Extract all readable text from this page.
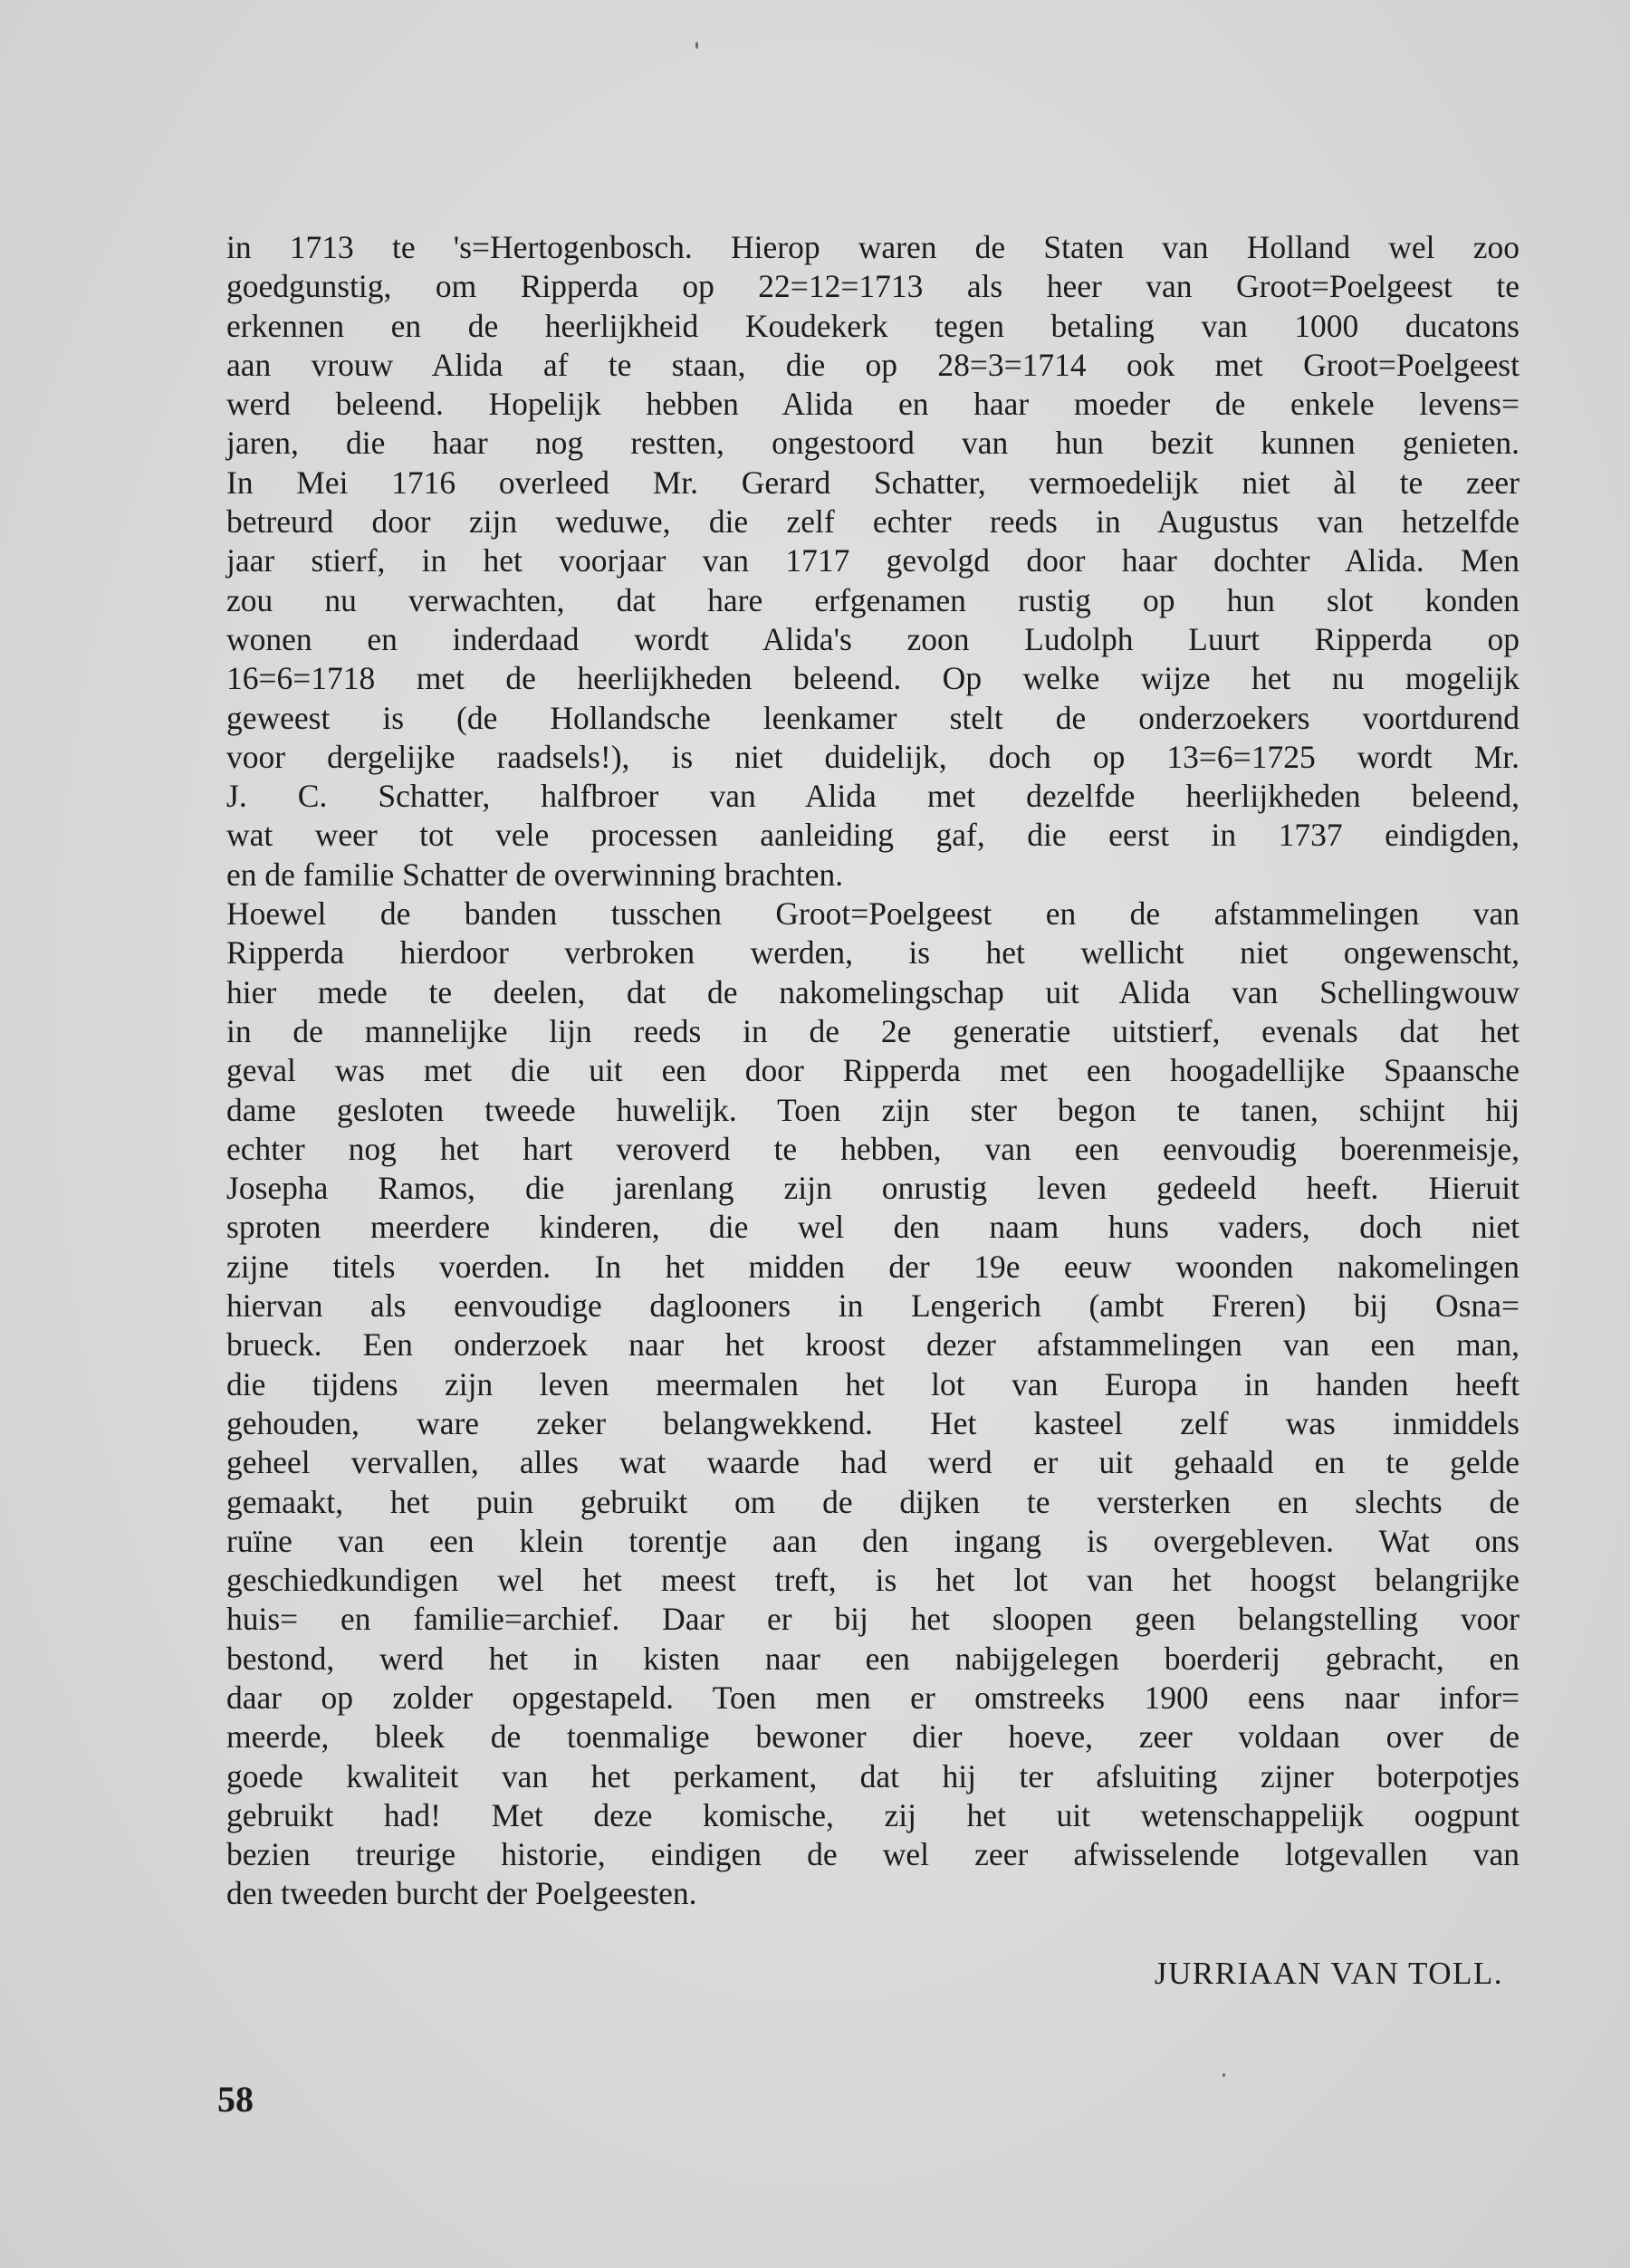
in 1713 te 's=Hertogenbosch. Hierop waren de Staten van Holland wel zoo
goedgunstig, om Ripperda op 22=12=1713 als heer van Groot=Poelgeest te
erkennen en de heerlijkheid Koudekerk tegen betaling van 1000 ducatons
aan vrouw Alida af te staan, die op 28=3=1714 ook met Groot=Poelgeest
werd beleend. Hopelijk hebben Alida en haar moeder de enkele levens=
jaren, die haar nog restten, ongestoord van hun bezit kunnen genieten.
In Mei 1716 overleed Mr. Gerard Schatter, vermoedelijk niet àl te zeer
betreurd door zijn weduwe, die zelf echter reeds in Augustus van hetzelfde
jaar stierf, in het voorjaar van 1717 gevolgd door haar dochter Alida. Men
zou nu verwachten, dat hare erfgenamen rustig op hun slot konden
wonen en inderdaad wordt Alida's zoon Ludolph Luurt Ripperda op
16=6=1718 met de heerlijkheden beleend. Op welke wijze het nu mogelijk
geweest is (de Hollandsche leenkamer stelt de onderzoekers voortdurend
voor dergelijke raadsels!), is niet duidelijk, doch op 13=6=1725 wordt Mr.
J. C. Schatter, halfbroer van Alida met dezelfde heerlijkheden beleend,
wat weer tot vele processen aanleiding gaf, die eerst in 1737 eindigden,
en de familie Schatter de overwinning brachten.
Hoewel de banden tusschen Groot=Poelgeest en de afstammelingen van
Ripperda hierdoor verbroken werden, is het wellicht niet ongewenscht,
hier mede te deelen, dat de nakomelingschap uit Alida van Schellingwouw
in de mannelijke lijn reeds in de 2e generatie uitstierf, evenals dat het
geval was met die uit een door Ripperda met een hoogadellijke Spaansche
dame gesloten tweede huwelijk. Toen zijn ster begon te tanen, schijnt hij
echter nog het hart veroverd te hebben, van een eenvoudig boerenmeisje,
Josepha Ramos, die jarenlang zijn onrustig leven gedeeld heeft. Hieruit
sproten meerdere kinderen, die wel den naam huns vaders, doch niet
zijne titels voerden. In het midden der 19e eeuw woonden nakomelingen
hiervan als eenvoudige daglooners in Lengerich (ambt Freren) bij Osna=
brueck. Een onderzoek naar het kroost dezer afstammelingen van een man,
die tijdens zijn leven meermalen het lot van Europa in handen heeft
gehouden, ware zeker belangwekkend. Het kasteel zelf was inmiddels
geheel vervallen, alles wat waarde had werd er uit gehaald en te gelde
gemaakt, het puin gebruikt om de dijken te versterken en slechts de
ruïne van een klein torentje aan den ingang is overgebleven. Wat ons
geschiedkundigen wel het meest treft, is het lot van het hoogst belangrijke
huis= en familie=archief. Daar er bij het sloopen geen belangstelling voor
bestond, werd het in kisten naar een nabijgelegen boerderij gebracht, en
daar op zolder opgestapeld. Toen men er omstreeks 1900 eens naar infor=
meerde, bleek de toenmalige bewoner dier hoeve, zeer voldaan over de
goede kwaliteit van het perkament, dat hij ter afsluiting zijner boterpotjes
gebruikt had! Met deze komische, zij het uit wetenschappelijk oogpunt
bezien treurige historie, eindigen de wel zeer afwisselende lotgevallen van
den tweeden burcht der Poelgeesten.
JURRIAAN VAN TOLL.
58
